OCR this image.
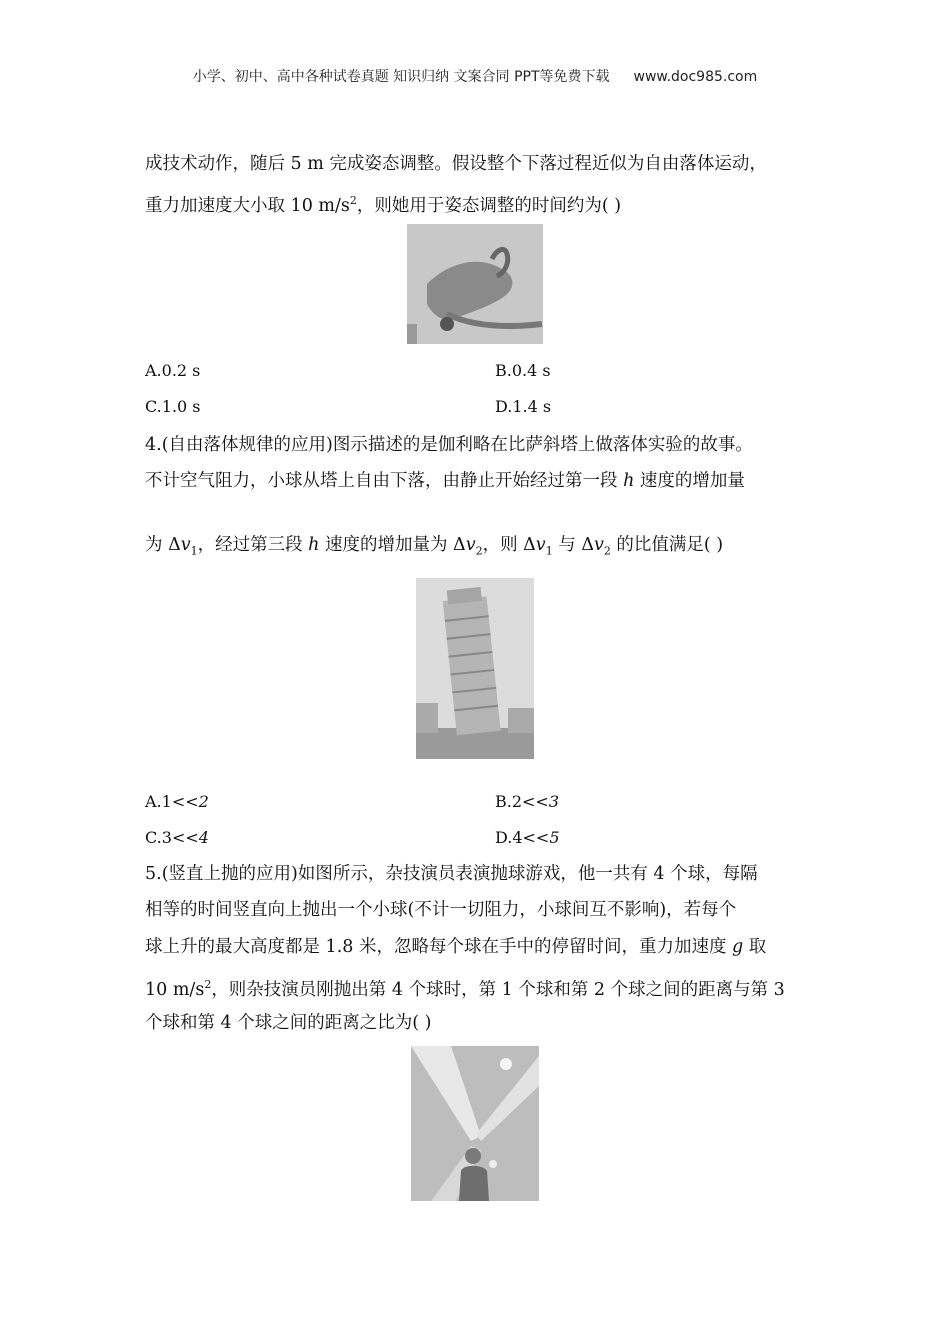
小学、初中、高中各种试卷真题 知识归纳 文案合同 PPT等免费下载 www.doc985.com
成技术动作，随后 5 m 完成姿态调整。假设整个下落过程近似为自由落体运动，
重力加速度大小取 10 $m/s^2$，则她用于姿态调整的时间约为( )
A.0.2 s	B.0.4 s
C.1.0 s	D.1.4 s
4.(自由落体规律的应用)图示描述的是伽利略在比萨斜塔上做落体实验的故事。
不计空气阻力，小球从塔上自由下落，由静止开始经过第一段 h 速度的增加量
为 $\Delta v_1$，经过第三段 h 速度的增加量为 $\Delta v_2$，则 $\Delta v_1$ 与 $\Delta v_2$ 的比值满足( )
A.1<<2	B.2<<3
C.3<<4	D.4<<5
5.(竖直上抛的应用)如图所示，杂技演员表演抛球游戏，他一共有 4 个球，每隔
相等的时间竖直向上抛出一个小球(不计一切阻力，小球间互不影响)，若每个
球上升的最大高度都是 1.8 米，忽略每个球在手中的停留时间，重力加速度 g 取
10 $m/s^2$，则杂技演员刚抛出第 4 个球时，第 1 个球和第 2 个球之间的距离与第 3
个球和第 4 个球之间的距离之比为( )
